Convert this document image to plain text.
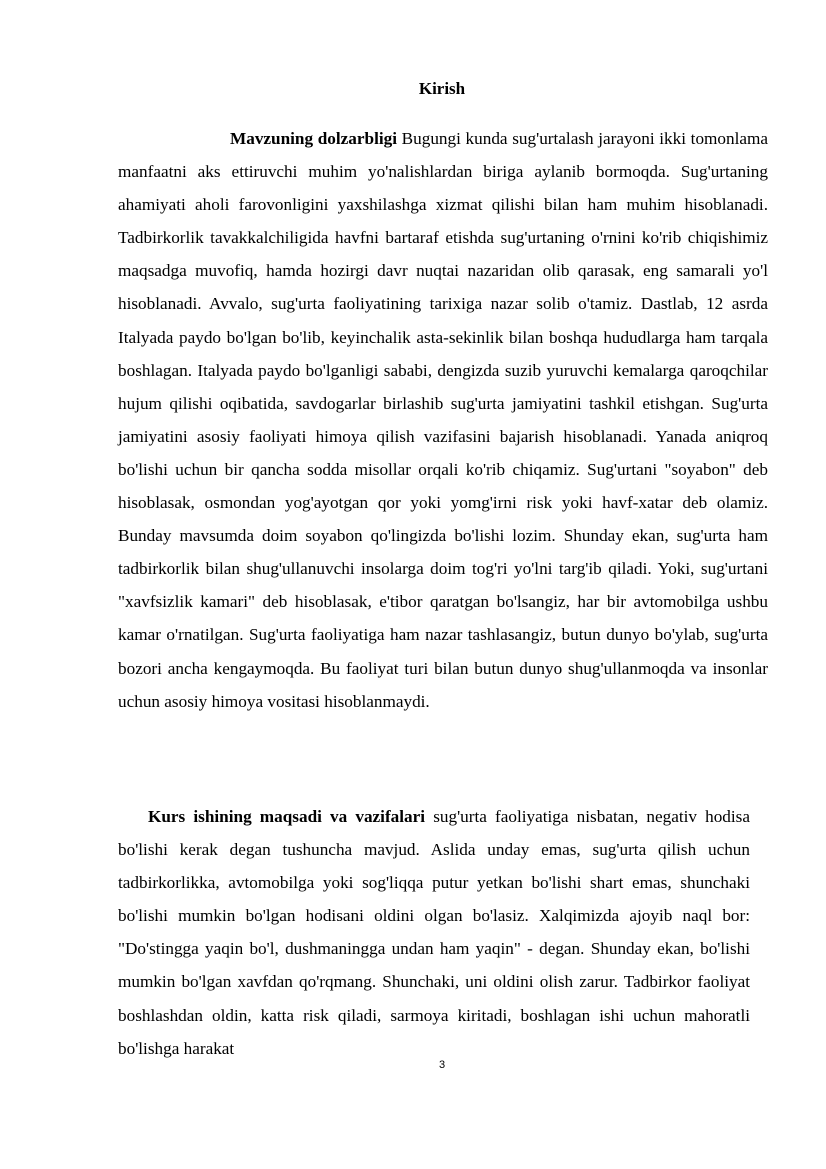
Kirish

Mavzuning dolzarbligi Bugungi kunda sug'urtalash jarayoni ikki tomonlama manfaatni aks ettiruvchi muhim yo'nalishlardan biriga aylanib bormoqda. Sug'urtaning ahamiyati aholi farovonligini yaxshilashga xizmat qilishi bilan ham muhim hisoblanadi. Tadbirkorlik tavakkalchiligida havfni bartaraf etishda sug'urtaning o'rnini ko'rib chiqishimiz maqsadga muvofiq, hamda hozirgi davr nuqtai nazaridan olib qarasak, eng samarali yo'l hisoblanadi. Avvalo, sug'urta faoliyatining tarixiga nazar solib o'tamiz. Dastlab, 12 asrda Italyada paydo bo'lgan bo'lib, keyinchalik asta-sekinlik bilan boshqa hududlarga ham tarqala boshlagan. Italyada paydo bo'lganligi sababi, dengizda suzib yuruvchi kemalarga qaroqchilar hujum qilishi oqibatida, savdogarlar birlashib sug'urta jamiyatini tashkil etishgan. Sug'urta jamiyatini asosiy faoliyati himoya qilish vazifasini bajarish hisoblanadi. Yanada aniqroq bo'lishi uchun bir qancha sodda misollar orqali ko'rib chiqamiz. Sug'urtani "soyabon" deb hisoblasak, osmondan yog'ayotgan qor yoki yomg'irni risk yoki havf-xatar deb olamiz. Bunday mavsumda doim soyabon qo'lingizda bo'lishi lozim. Shunday ekan, sug'urta ham tadbirkorlik bilan shug'ullanuvchi insolarga doim tog'ri yo'lni targ'ib qiladi. Yoki, sug'urtani "xavfsizlik kamari" deb hisoblasak, e'tibor qaratgan bo'lsangiz, har bir avtomobilga ushbu kamar o'rnatilgan. Sug'urta faoliyatiga ham nazar tashlasangiz, butun dunyo bo'ylab, sug'urta bozori ancha kengaymoqda. Bu faoliyat turi bilan butun dunyo shug'ullanmoqda va insonlar uchun asosiy himoya vositasi hisoblanmaydi.

Kurs ishining maqsadi va vazifalari sug'urta faoliyatiga nisbatan, negativ hodisa bo'lishi kerak degan tushuncha mavjud. Aslida unday emas, sug'urta qilish uchun tadbirkorlikka, avtomobilga yoki sog'liqqa putur yetkan bo'lishi shart emas, shunchaki bo'lishi mumkin bo'lgan hodisani oldini olgan bo'lasiz. Xalqimizda ajoyib naql bor: "Do'stingga yaqin bo'l, dushmaningga undan ham yaqin" - degan. Shunday ekan, bo'lishi mumkin bo'lgan xavfdan qo'rqmang. Shunchaki, uni oldini olish zarur. Tadbirkor faoliyat boshlashdan oldin, katta risk qiladi, sarmoya kiritadi, boshlagan ishi uchun mahoratli bo'lishga harakat

3
